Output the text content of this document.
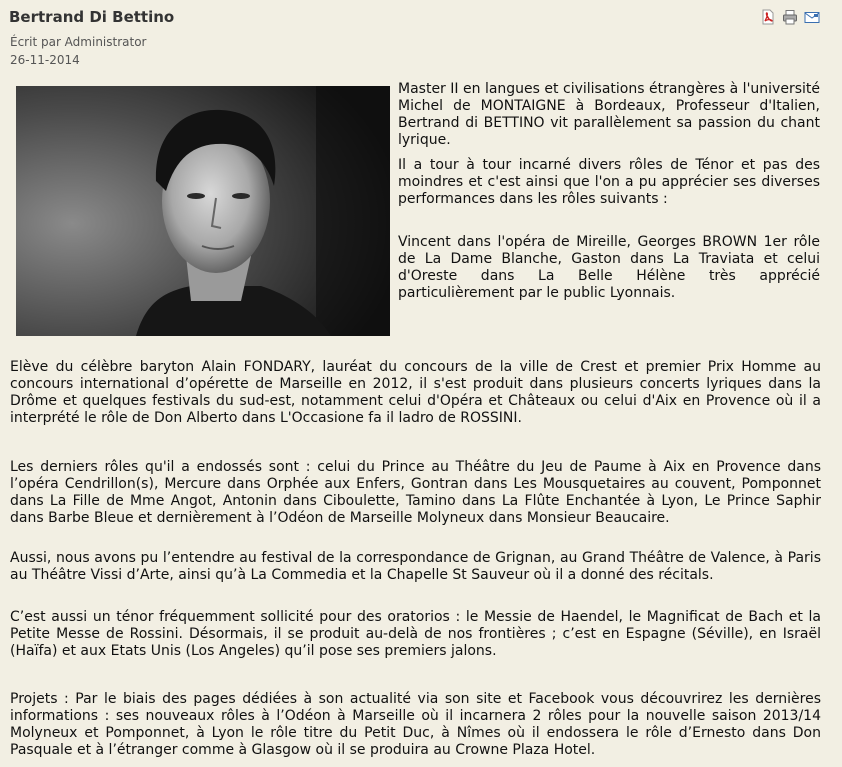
Bertrand Di Bettino
Écrit par Administrator
26-11-2014

Master II en langues et civilisations étrangères à l'université Michel de MONTAIGNE à Bordeaux, Professeur d'Italien, Bertrand di BETTINO vit parallèlement sa passion du chant lyrique.

Il a tour à tour incarné divers rôles de Ténor et pas des moindres et c'est ainsi que l'on a pu apprécier ses diverses performances dans les rôles suivants :

Vincent dans l'opéra de Mireille, Georges BROWN 1er rôle de La Dame Blanche, Gaston dans La Traviata et celui d'Oreste dans La Belle Hélène très apprécié particulièrement par le public Lyonnais.

Elève du célèbre baryton Alain FONDARY, lauréat du concours de la ville de Crest et premier Prix Homme au concours international d’opérette de Marseille en 2012, il s'est produit dans plusieurs concerts lyriques dans la Drôme et quelques festivals du sud-est, notamment celui d'Opéra et Châteaux ou celui d'Aix en Provence où il a interprété le rôle de Don Alberto dans L'Occasione fa il ladro de ROSSINI.
Les derniers rôles qu'il a endossés sont : celui du Prince au Théâtre du Jeu de Paume à Aix en Provence dans l’opéra Cendrillon(s), Mercure dans Orphée aux Enfers, Gontran dans Les Mousquetaires au couvent, Pomponnet dans La Fille de Mme Angot, Antonin dans Ciboulette, Tamino dans La Flûte Enchantée à Lyon, Le Prince Saphir dans Barbe Bleue et dernièrement à l’Odéon de Marseille Molyneux dans Monsieur Beaucaire.
Aussi, nous avons pu l’entendre au festival de la correspondance de Grignan, au Grand Théâtre de Valence, à Paris au Théâtre Vissi d’Arte, ainsi qu’à La Commedia et la Chapelle St Sauveur où il a donné des récitals.
C’est aussi un ténor fréquemment sollicité pour des oratorios : le Messie de Haendel, le Magnificat de Bach et la Petite Messe de Rossini. Désormais, il se produit au-delà de nos frontières ; c’est en Espagne (Séville), en Israël (Haïfa) et aux Etats Unis (Los Angeles) qu’il pose ses premiers jalons.
Projets : Par le biais des pages dédiées à son actualité via son site et Facebook vous découvrirez les dernières informations : ses nouveaux rôles à l’Odéon à Marseille où il incarnera 2 rôles pour la nouvelle saison 2013/14 Molyneux et Pomponnet, à Lyon le rôle titre du Petit Duc, à Nîmes où il endossera le rôle d’Ernesto dans Don Pasquale et à l’étranger comme à Glasgow où il se produira au Crowne Plaza Hotel.
